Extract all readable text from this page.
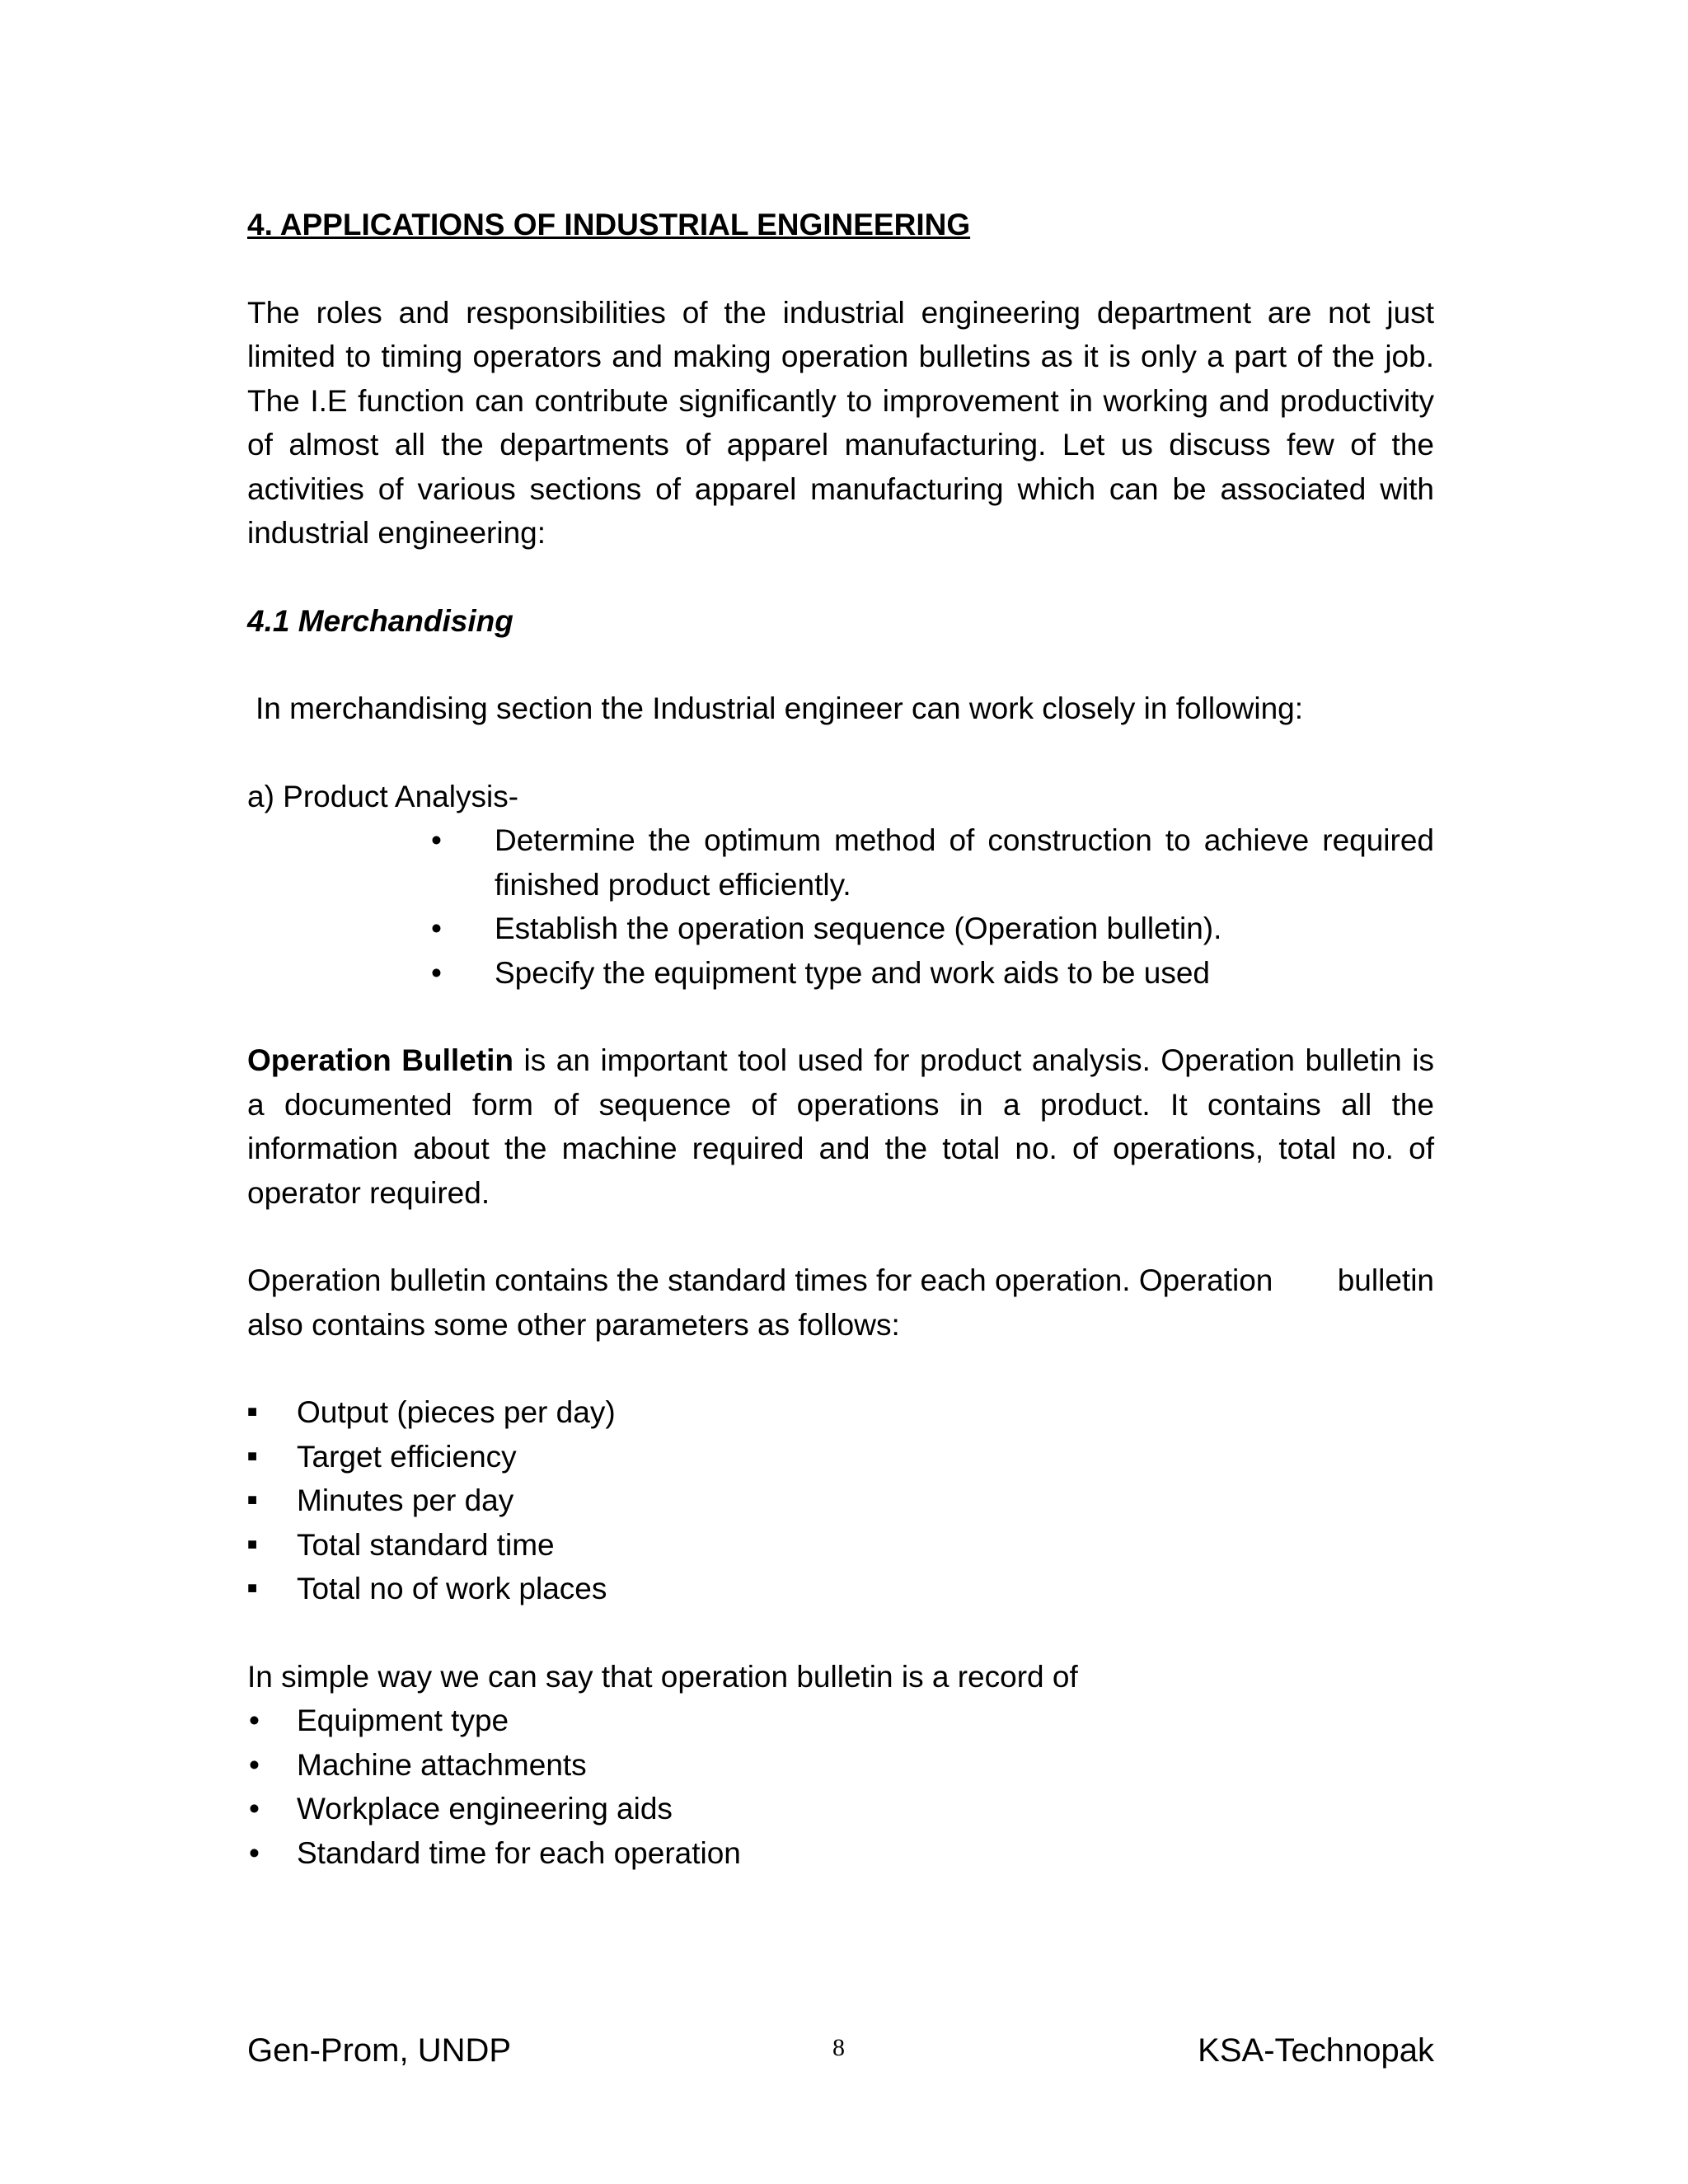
4. APPLICATIONS OF INDUSTRIAL ENGINEERING

The roles and responsibilities of the industrial engineering department are not just limited to timing operators and making operation bulletins as it is only a part of the job. The I.E function can contribute significantly to improvement in working and productivity of almost all the departments of apparel manufacturing. Let us discuss few of the activities of various sections of apparel manufacturing which can be associated with industrial engineering:

4.1 Merchandising

In merchandising section the Industrial engineer can work closely in following:

a) Product Analysis-

• Determine the optimum method of construction to achieve required finished product efficiently.
• Establish the operation sequence (Operation bulletin).
• Specify the equipment type and work aids to be used

Operation Bulletin is an important tool used for product analysis. Operation bulletin is a documented form of sequence of operations in a product. It contains all the information about the machine required and the total no. of operations, total no. of operator required.

Operation bulletin contains the standard times for each operation. Operation bulletin
also contains some other parameters as follows:

■ Output (pieces per day)
■ Target efficiency
■ Minutes per day
■ Total standard time
■ Total no of work places

In simple way we can say that operation bulletin is a record of

• Equipment type
• Machine attachments
• Workplace engineering aids
• Standard time for each operation
Gen-Prom, UNDP	8	KSA-Technopak
